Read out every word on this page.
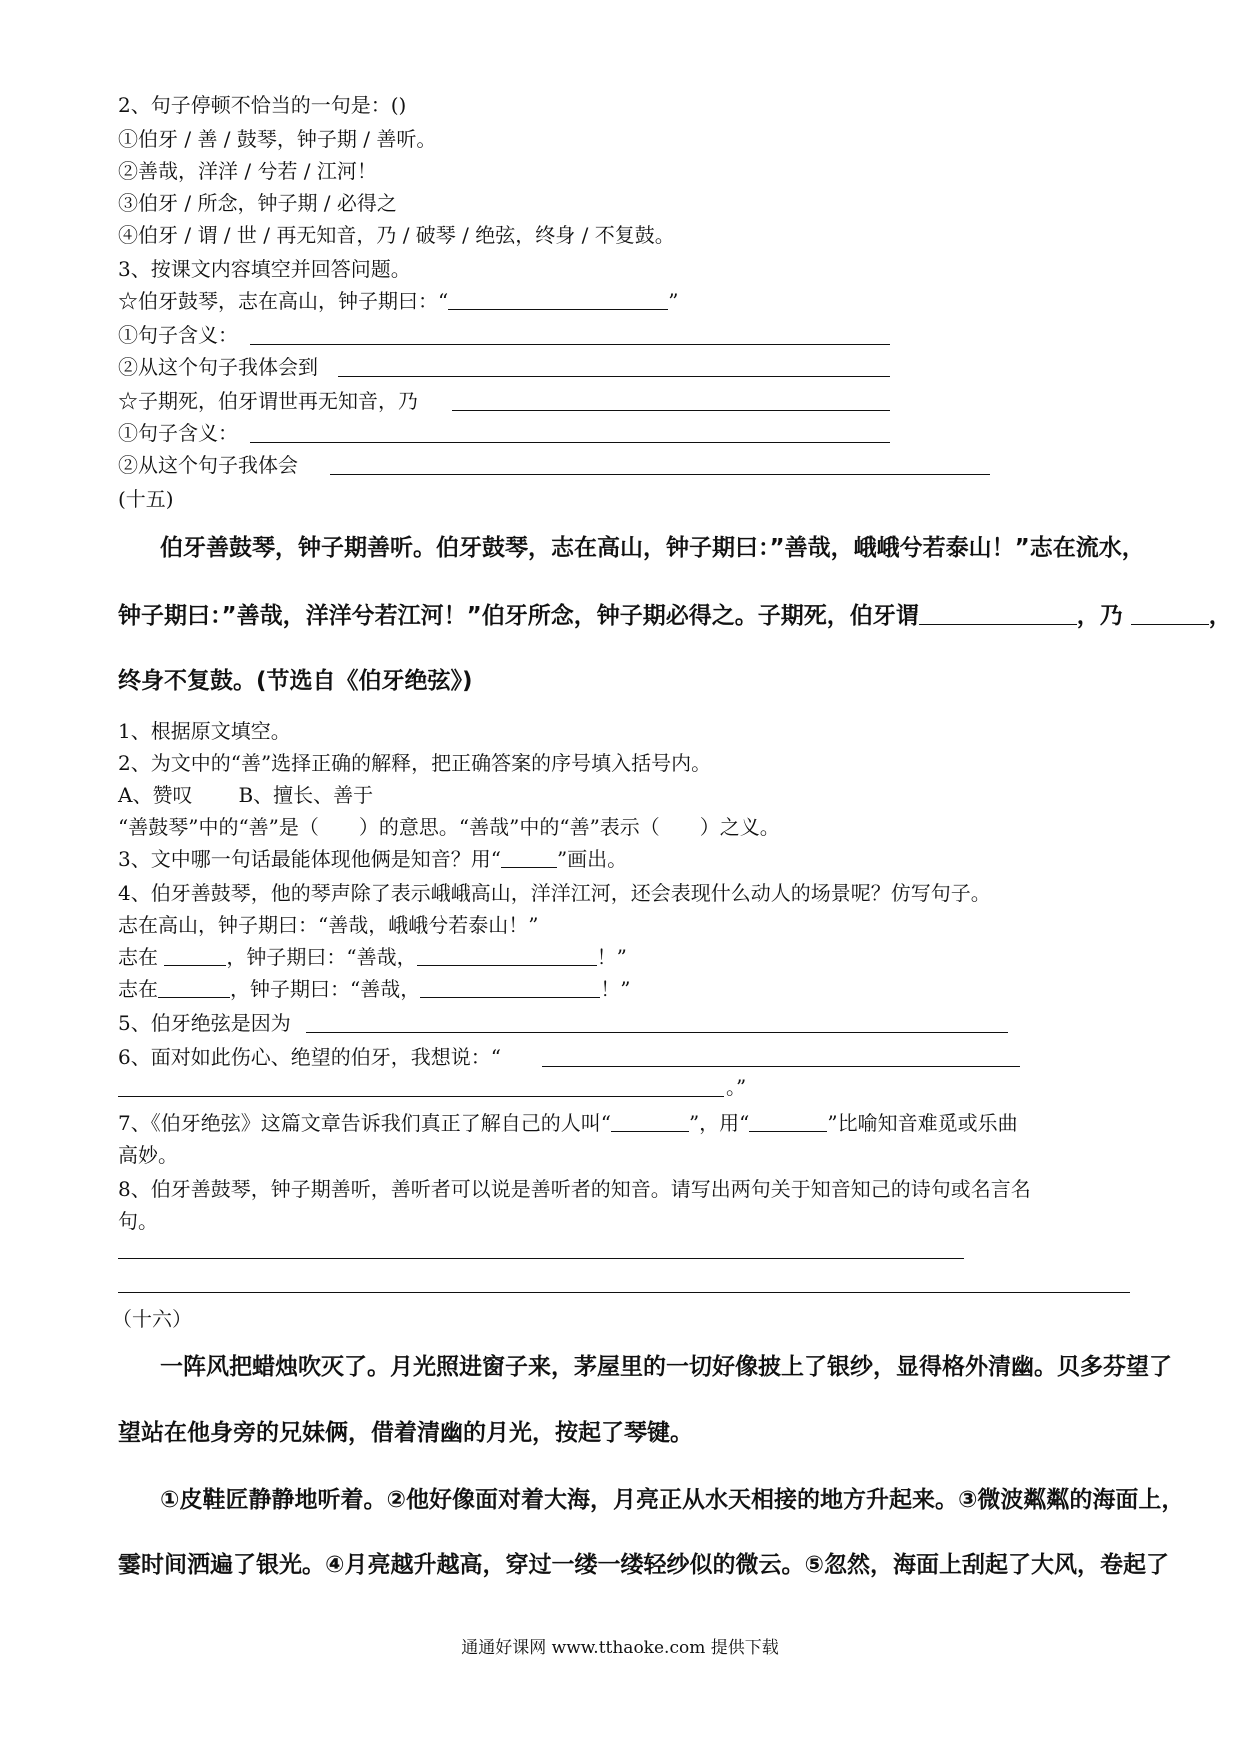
2、句子停顿不恰当的一句是：()
①伯牙 / 善 / 鼓琴，钟子期 / 善听。
②善哉，洋洋 / 兮若 / 江河！
③伯牙 / 所念，钟子期 / 必得之
④伯牙 / 谓 / 世 / 再无知音，乃 / 破琴 / 绝弦，终身 / 不复鼓。
3、按课文内容填空并回答问题。
☆伯牙鼓琴，志在高山，钟子期曰：“	”
①句子含义：
②从这个句子我体会到
☆子期死，伯牙谓世再无知音，乃
①句子含义：
②从这个句子我体会
(十五)
伯牙善鼓琴，钟子期善听。伯牙鼓琴，志在高山，钟子期曰：”善哉，峨峨兮若泰山！”志在流水，
钟子期曰：”善哉，洋洋兮若江河！”伯牙所念，钟子期必得之。子期死，伯牙谓	，乃	，
终身不复鼓。(节选自《伯牙绝弦》)
1、根据原文填空。
2、为文中的“善”选择正确的解释，把正确答案的序号填入括号内。
A、赞叹 B、擅长、善于
“善鼓琴”中的“善”是（　　）的意思。“善哉”中的“善”表示（　　）之义。
3、文中哪一句话最能体现他俩是知音？用“	”画出。
4、伯牙善鼓琴，他的琴声除了表示峨峨高山，洋洋江河，还会表现什么动人的场景呢？仿写句子。
志在高山，钟子期曰：“善哉，峨峨兮若泰山！”
志在	，钟子期曰：“善哉，	！”
志在	，钟子期曰：“善哉，	！”
5、伯牙绝弦是因为
6、面对如此伤心、绝望的伯牙，我想说：“
。”
7、《伯牙绝弦》这篇文章告诉我们真正了解自己的人叫“	”，用“	”比喻知音难觅或乐曲
高妙。
8、伯牙善鼓琴，钟子期善听，善听者可以说是善听者的知音。请写出两句关于知音知己的诗句或名言名
句。
（十六）
一阵风把蜡烛吹灭了。月光照进窗子来，茅屋里的一切好像披上了银纱，显得格外清幽。贝多芬望了
望站在他身旁的兄妹俩，借着清幽的月光，按起了琴键。
①皮鞋匠静静地听着。②他好像面对着大海，月亮正从水天相接的地方升起来。③微波粼粼的海面上，
霎时间洒遍了银光。④月亮越升越高，穿过一缕一缕轻纱似的微云。⑤忽然，海面上刮起了大风，卷起了
通通好课网 www.tthaoke.com 提供下载
